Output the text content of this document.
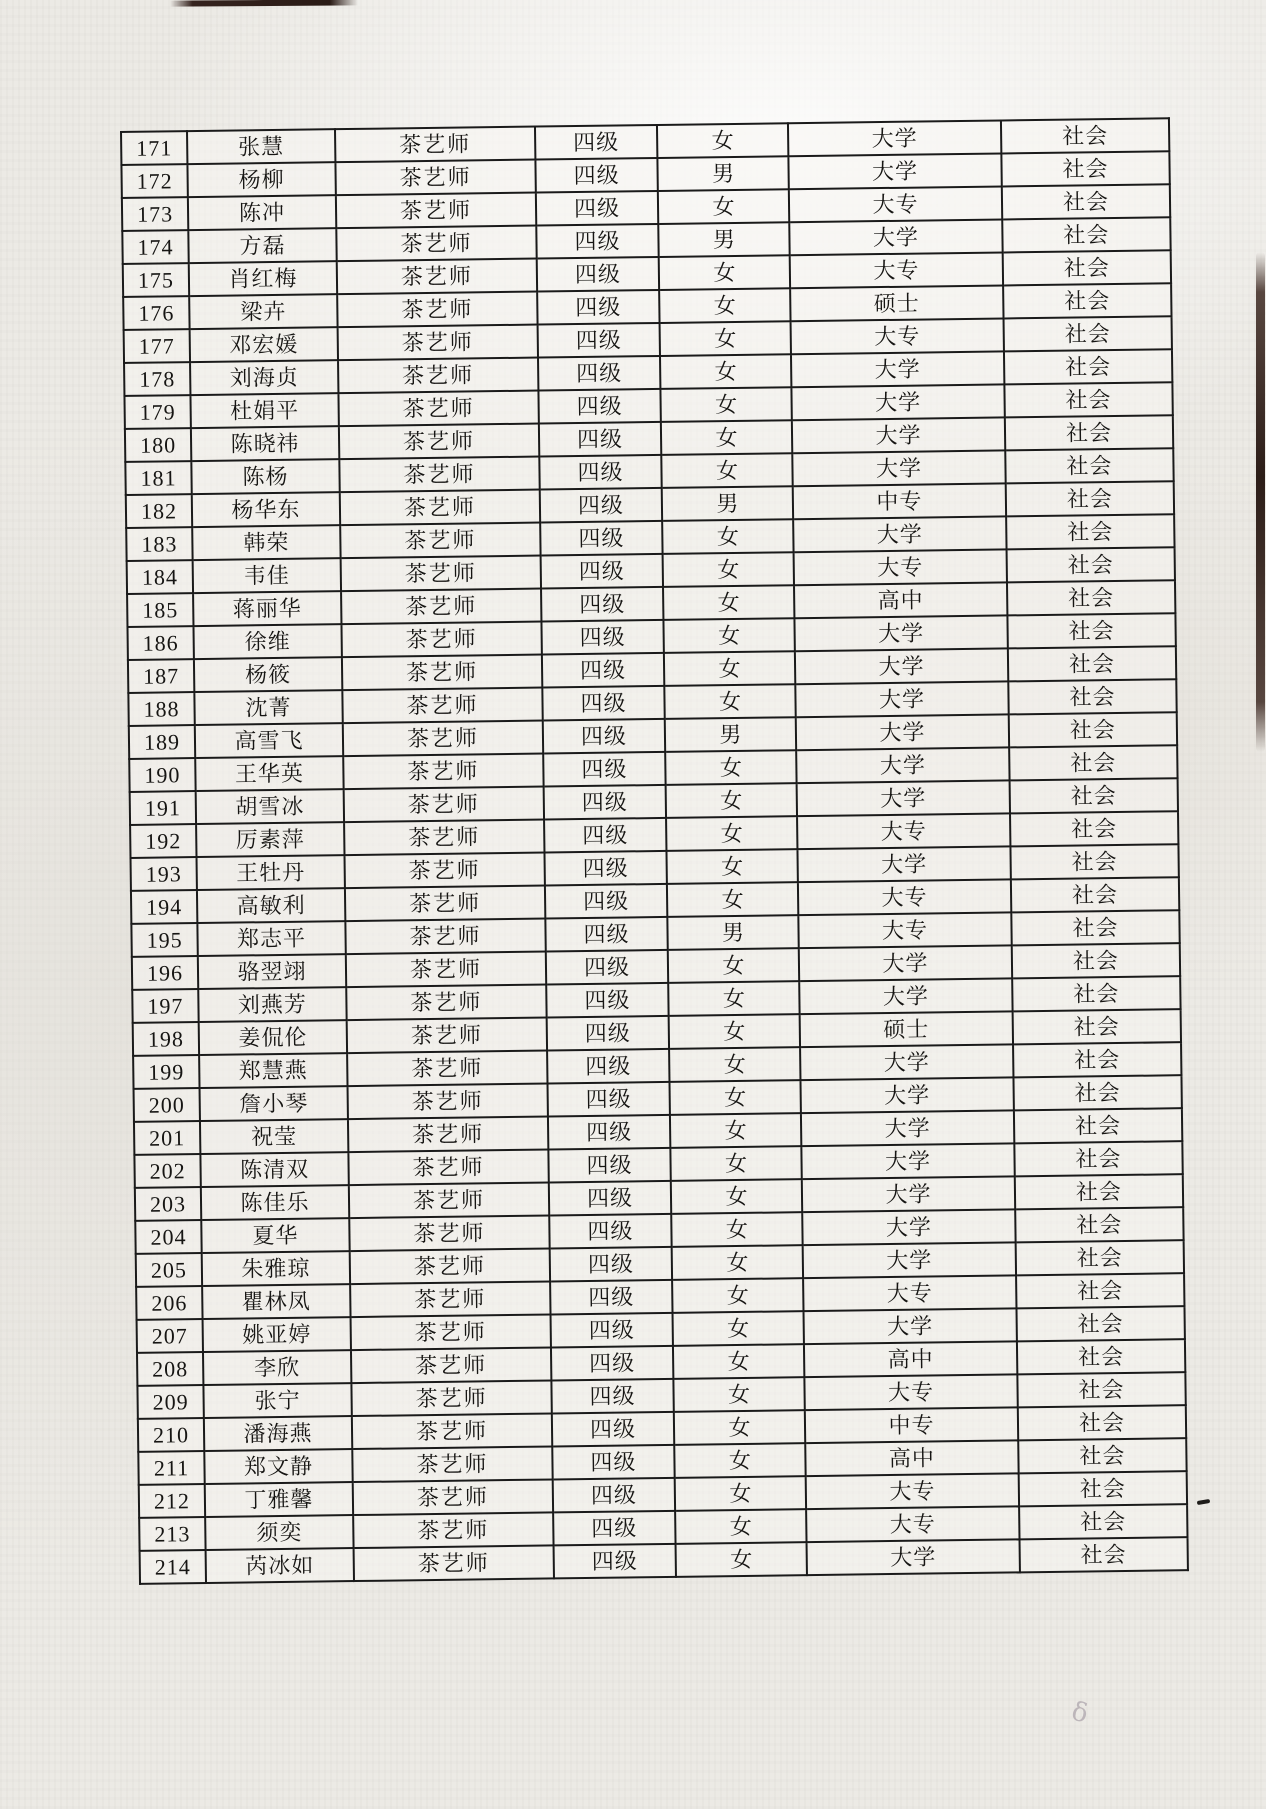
171	张慧	茶艺师	四级	女	大学	社会
172	杨柳	茶艺师	四级	男	大学	社会
173	陈冲	茶艺师	四级	女	大专	社会
174	方磊	茶艺师	四级	男	大学	社会
175	肖红梅	茶艺师	四级	女	大专	社会
176	梁卉	茶艺师	四级	女	硕士	社会
177	邓宏媛	茶艺师	四级	女	大专	社会
178	刘海贞	茶艺师	四级	女	大学	社会
179	杜娟平	茶艺师	四级	女	大学	社会
180	陈晓祎	茶艺师	四级	女	大学	社会
181	陈杨	茶艺师	四级	女	大学	社会
182	杨华东	茶艺师	四级	男	中专	社会
183	韩荣	茶艺师	四级	女	大学	社会
184	韦佳	茶艺师	四级	女	大专	社会
185	蒋丽华	茶艺师	四级	女	高中	社会
186	徐维	茶艺师	四级	女	大学	社会
187	杨筱	茶艺师	四级	女	大学	社会
188	沈菁	茶艺师	四级	女	大学	社会
189	高雪飞	茶艺师	四级	男	大学	社会
190	王华英	茶艺师	四级	女	大学	社会
191	胡雪冰	茶艺师	四级	女	大学	社会
192	厉素萍	茶艺师	四级	女	大专	社会
193	王牡丹	茶艺师	四级	女	大学	社会
194	高敏利	茶艺师	四级	女	大专	社会
195	郑志平	茶艺师	四级	男	大专	社会
196	骆翌翊	茶艺师	四级	女	大学	社会
197	刘燕芳	茶艺师	四级	女	大学	社会
198	姜侃伦	茶艺师	四级	女	硕士	社会
199	郑慧燕	茶艺师	四级	女	大学	社会
200	詹小琴	茶艺师	四级	女	大学	社会
201	祝莹	茶艺师	四级	女	大学	社会
202	陈清双	茶艺师	四级	女	大学	社会
203	陈佳乐	茶艺师	四级	女	大学	社会
204	夏华	茶艺师	四级	女	大学	社会
205	朱雅琼	茶艺师	四级	女	大学	社会
206	瞿林凤	茶艺师	四级	女	大专	社会
207	姚亚婷	茶艺师	四级	女	大学	社会
208	李欣	茶艺师	四级	女	高中	社会
209	张宁	茶艺师	四级	女	大专	社会
210	潘海燕	茶艺师	四级	女	中专	社会
211	郑文静	茶艺师	四级	女	高中	社会
212	丁雅馨	茶艺师	四级	女	大专	社会
213	须奕	茶艺师	四级	女	大专	社会
214	芮冰如	茶艺师	四级	女	大学	社会
δ
